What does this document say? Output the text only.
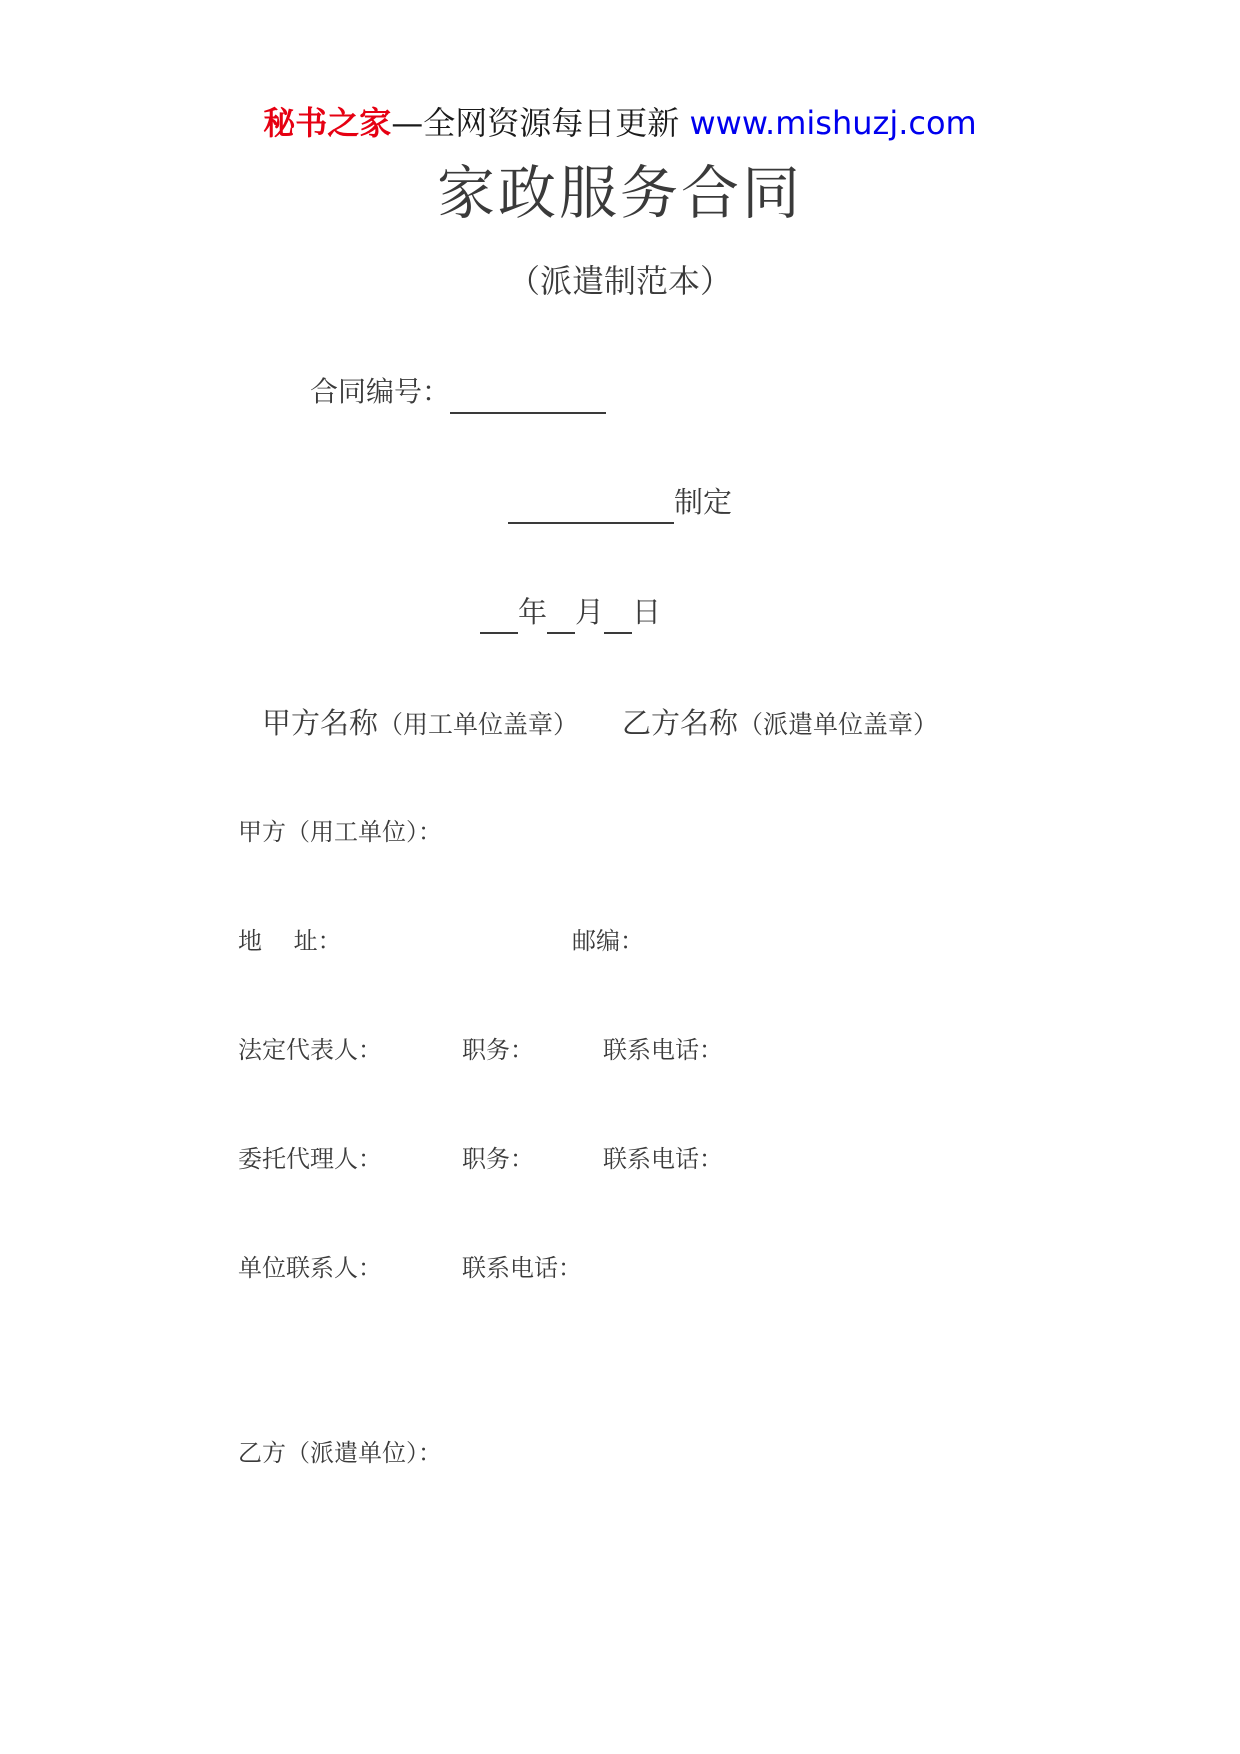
秘书之家—全网资源每日更新 www.mishuzj.com
家政服务合同
（派遣制范本）
合同编号：
制定
年 月 日
甲方名称（用工单位盖章） 乙方名称（派遣单位盖章）
甲方（用工单位）：
地　 址：	邮编：
法定代表人：	职务：	联系电话：
委托代理人：	职务：	联系电话：
单位联系人：	联系电话：
乙方（派遣单位）：
